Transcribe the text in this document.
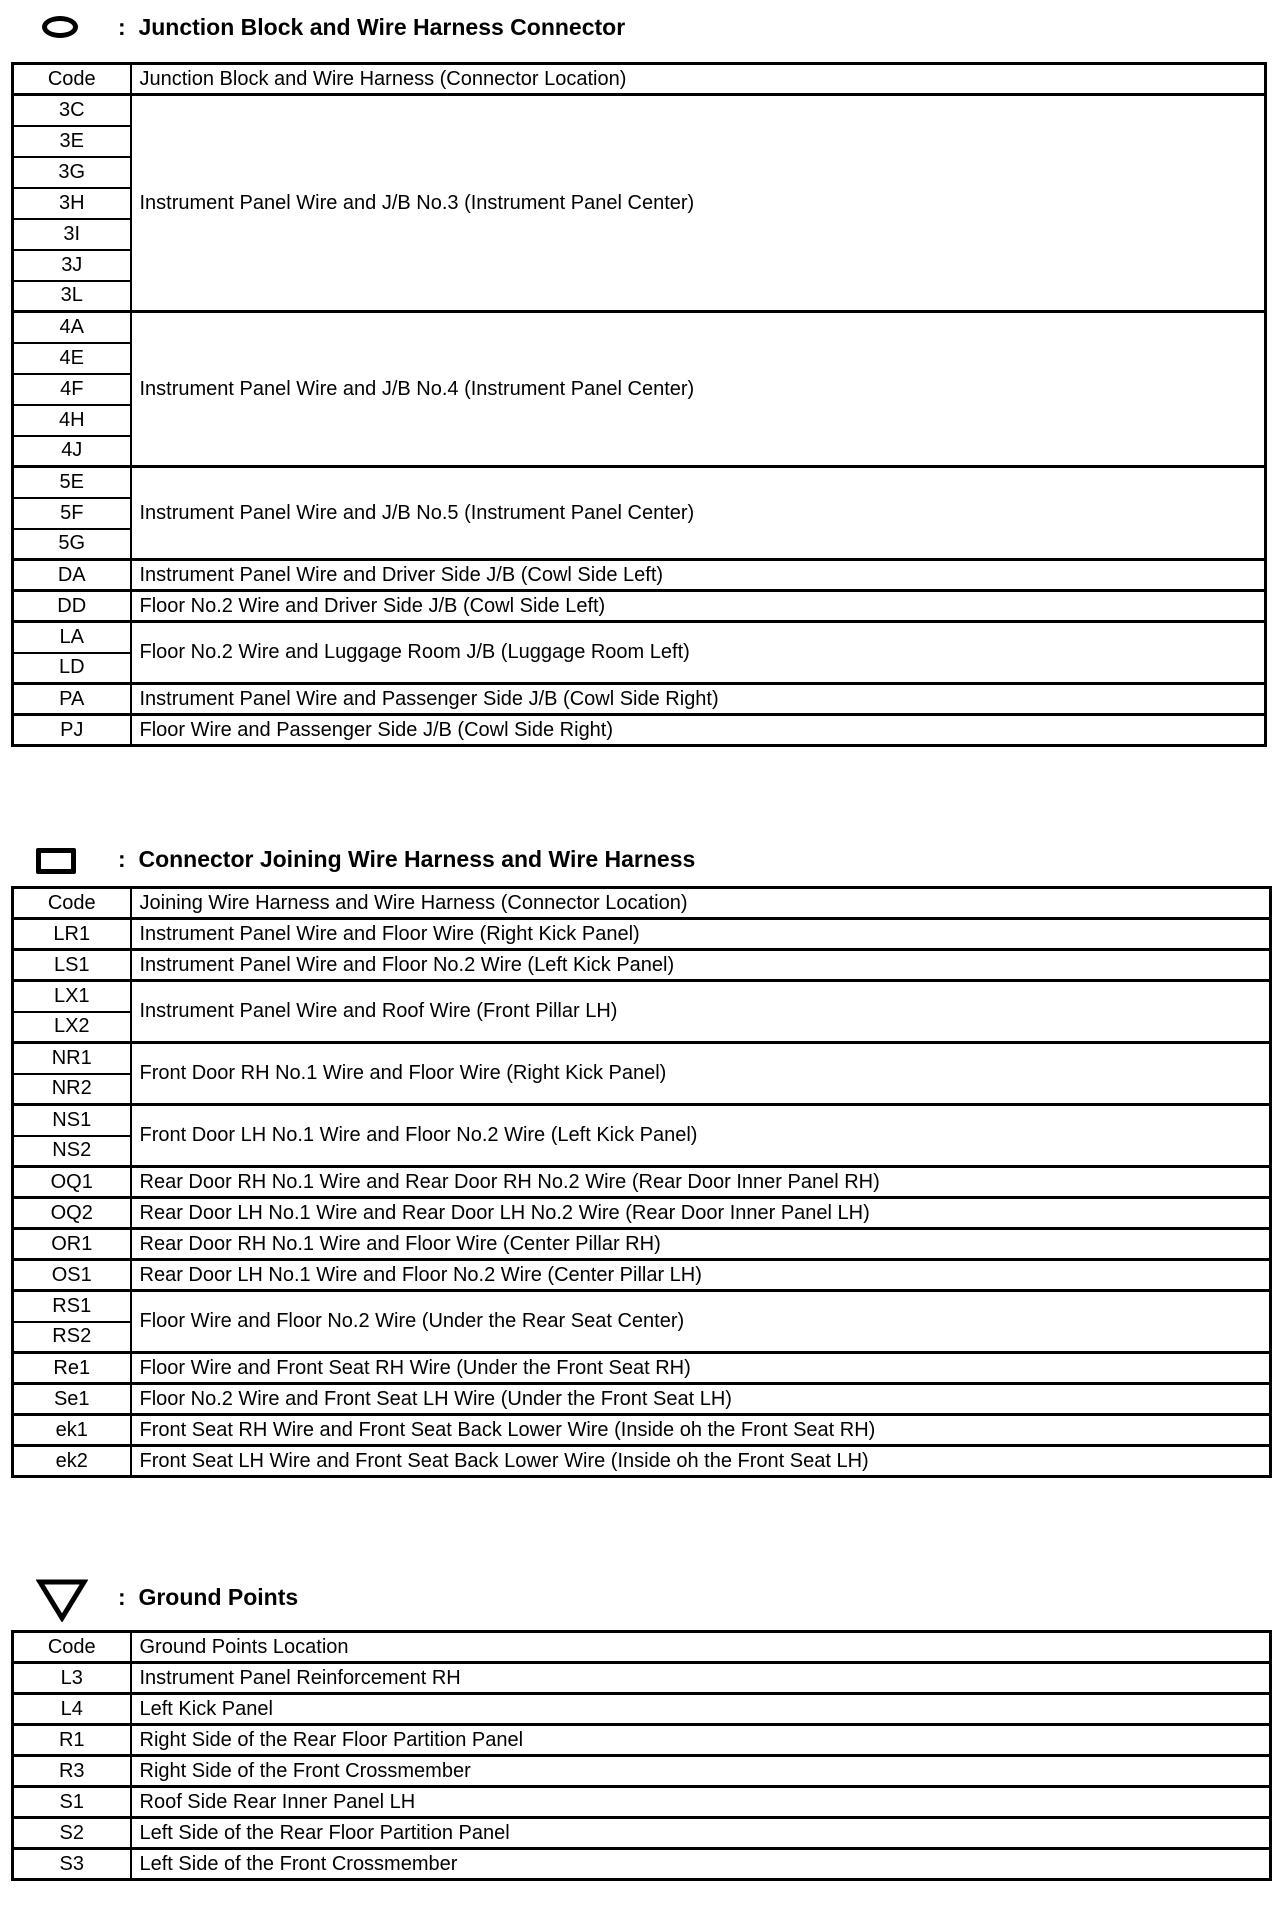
: Junction Block and Wire Harness Connector
Code	Junction Block and Wire Harness (Connector Location)
3C	Instrument Panel Wire and J/B No.3 (Instrument Panel Center)
3E	
3G	
3H	
3I	
3J	
3L	
4A	Instrument Panel Wire and J/B No.4 (Instrument Panel Center)
4E	
4F	
4H	
4J	
5E	Instrument Panel Wire and J/B No.5 (Instrument Panel Center)
5F	
5G	
DA	Instrument Panel Wire and Driver Side J/B (Cowl Side Left)
DD	Floor No.2 Wire and Driver Side J/B (Cowl Side Left)
LA	Floor No.2 Wire and Luggage Room J/B (Luggage Room Left)
LD	
PA	Instrument Panel Wire and Passenger Side J/B (Cowl Side Right)
PJ	Floor Wire and Passenger Side J/B (Cowl Side Right)
: Connector Joining Wire Harness and Wire Harness
Code	Joining Wire Harness and Wire Harness (Connector Location)
LR1	Instrument Panel Wire and Floor Wire (Right Kick Panel)
LS1	Instrument Panel Wire and Floor No.2 Wire (Left Kick Panel)
LX1	Instrument Panel Wire and Roof Wire (Front Pillar LH)
LX2	
NR1	Front Door RH No.1 Wire and Floor Wire (Right Kick Panel)
NR2	
NS1	Front Door LH No.1 Wire and Floor No.2 Wire (Left Kick Panel)
NS2	
OQ1	Rear Door RH No.1 Wire and Rear Door RH No.2 Wire (Rear Door Inner Panel RH)
OQ2	Rear Door LH No.1 Wire and Rear Door LH No.2 Wire (Rear Door Inner Panel LH)
OR1	Rear Door RH No.1 Wire and Floor Wire (Center Pillar RH)
OS1	Rear Door LH No.1 Wire and Floor No.2 Wire (Center Pillar LH)
RS1	Floor Wire and Floor No.2 Wire (Under the Rear Seat Center)
RS2	
Re1	Floor Wire and Front Seat RH Wire (Under the Front Seat RH)
Se1	Floor No.2 Wire and Front Seat LH Wire (Under the Front Seat LH)
ek1	Front Seat RH Wire and Front Seat Back Lower Wire (Inside oh the Front Seat RH)
ek2	Front Seat LH Wire and Front Seat Back Lower Wire (Inside oh the Front Seat LH)
: Ground Points
Code	Ground Points Location
L3	Instrument Panel Reinforcement RH
L4	Left Kick Panel
R1	Right Side of the Rear Floor Partition Panel
R3	Right Side of the Front Crossmember
S1	Roof Side Rear Inner Panel LH
S2	Left Side of the Rear Floor Partition Panel
S3	Left Side of the Front Crossmember
